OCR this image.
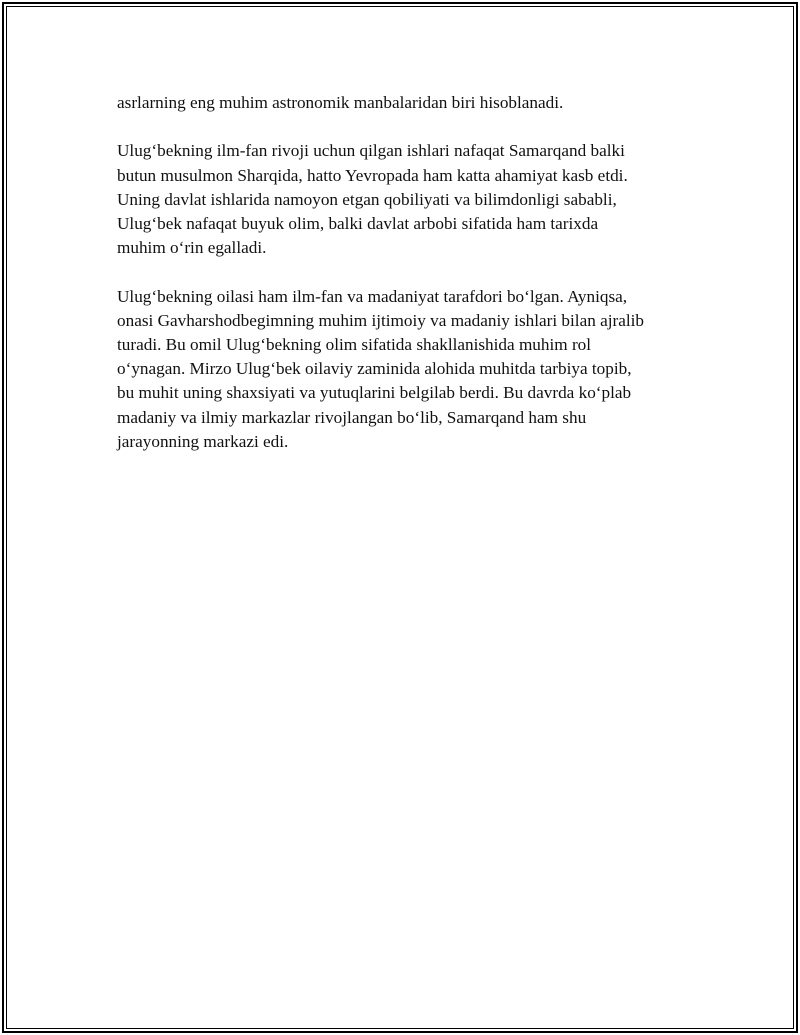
asrlarning eng muhim astronomik manbalaridan biri hisoblanadi.

Ulug‘bekning ilm-fan rivoji uchun qilgan ishlari nafaqat Samarqand balki
butun musulmon Sharqida, hatto Yevropada ham katta ahamiyat kasb etdi.
Uning davlat ishlarida namoyon etgan qobiliyati va bilimdonligi sababli,
Ulug‘bek nafaqat buyuk olim, balki davlat arbobi sifatida ham tarixda
muhim o‘rin egalladi.

Ulug‘bekning oilasi ham ilm-fan va madaniyat tarafdori bo‘lgan. Ayniqsa,
onasi Gavharshodbegimning muhim ijtimoiy va madaniy ishlari bilan ajralib
turadi. Bu omil Ulug‘bekning olim sifatida shakllanishida muhim rol
o‘ynagan. Mirzo Ulug‘bek oilaviy zaminida alohida muhitda tarbiya topib,
bu muhit uning shaxsiyati va yutuqlarini belgilab berdi. Bu davrda ko‘plab
madaniy va ilmiy markazlar rivojlangan bo‘lib, Samarqand ham shu
jarayonning markazi edi.
